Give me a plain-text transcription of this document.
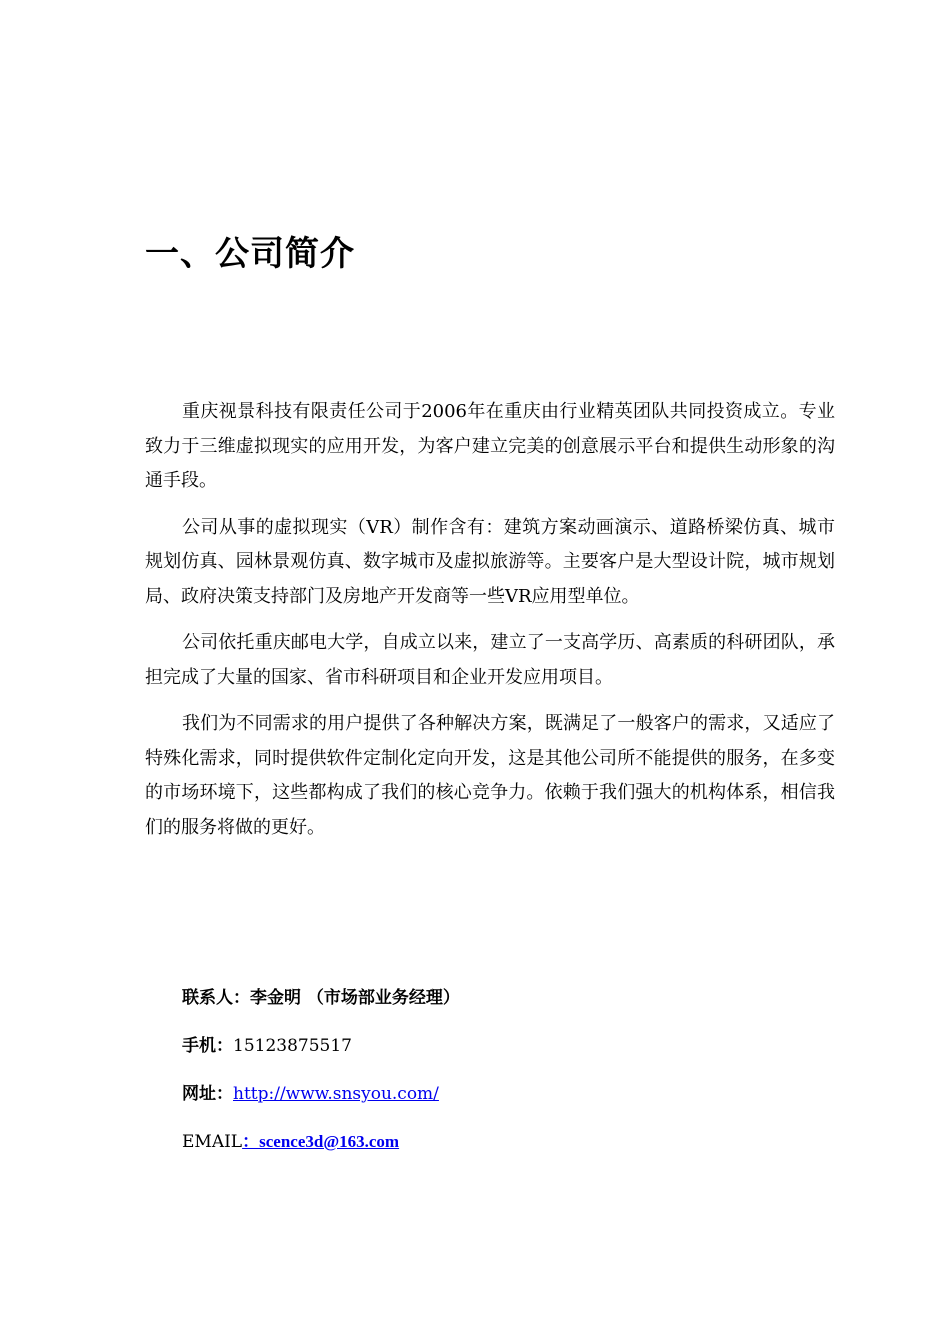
一、公司简介

重庆视景科技有限责任公司于2006年在重庆由行业精英团队共同投资成立。专业致力于三维虚拟现实的应用开发，为客户建立完美的创意展示平台和提供生动形象的沟通手段。

公司从事的虚拟现实（VR）制作含有：建筑方案动画演示、道路桥梁仿真、城市规划仿真、园林景观仿真、数字城市及虚拟旅游等。主要客户是大型设计院，城市规划局、政府决策支持部门及房地产开发商等一些VR应用型单位。

公司依托重庆邮电大学，自成立以来，建立了一支高学历、高素质的科研团队，承担完成了大量的国家、省市科研项目和企业开发应用项目。

我们为不同需求的用户提供了各种解决方案，既满足了一般客户的需求，又适应了特殊化需求，同时提供软件定制化定向开发，这是其他公司所不能提供的服务，在多变的市场环境下，这些都构成了我们的核心竞争力。依赖于我们强大的机构体系，相信我们的服务将做的更好。

联系人：李金明 （市场部业务经理）
手机：15123875517
网址：http://www.snsyou.com/
EMAIL：scence3d@163.com
